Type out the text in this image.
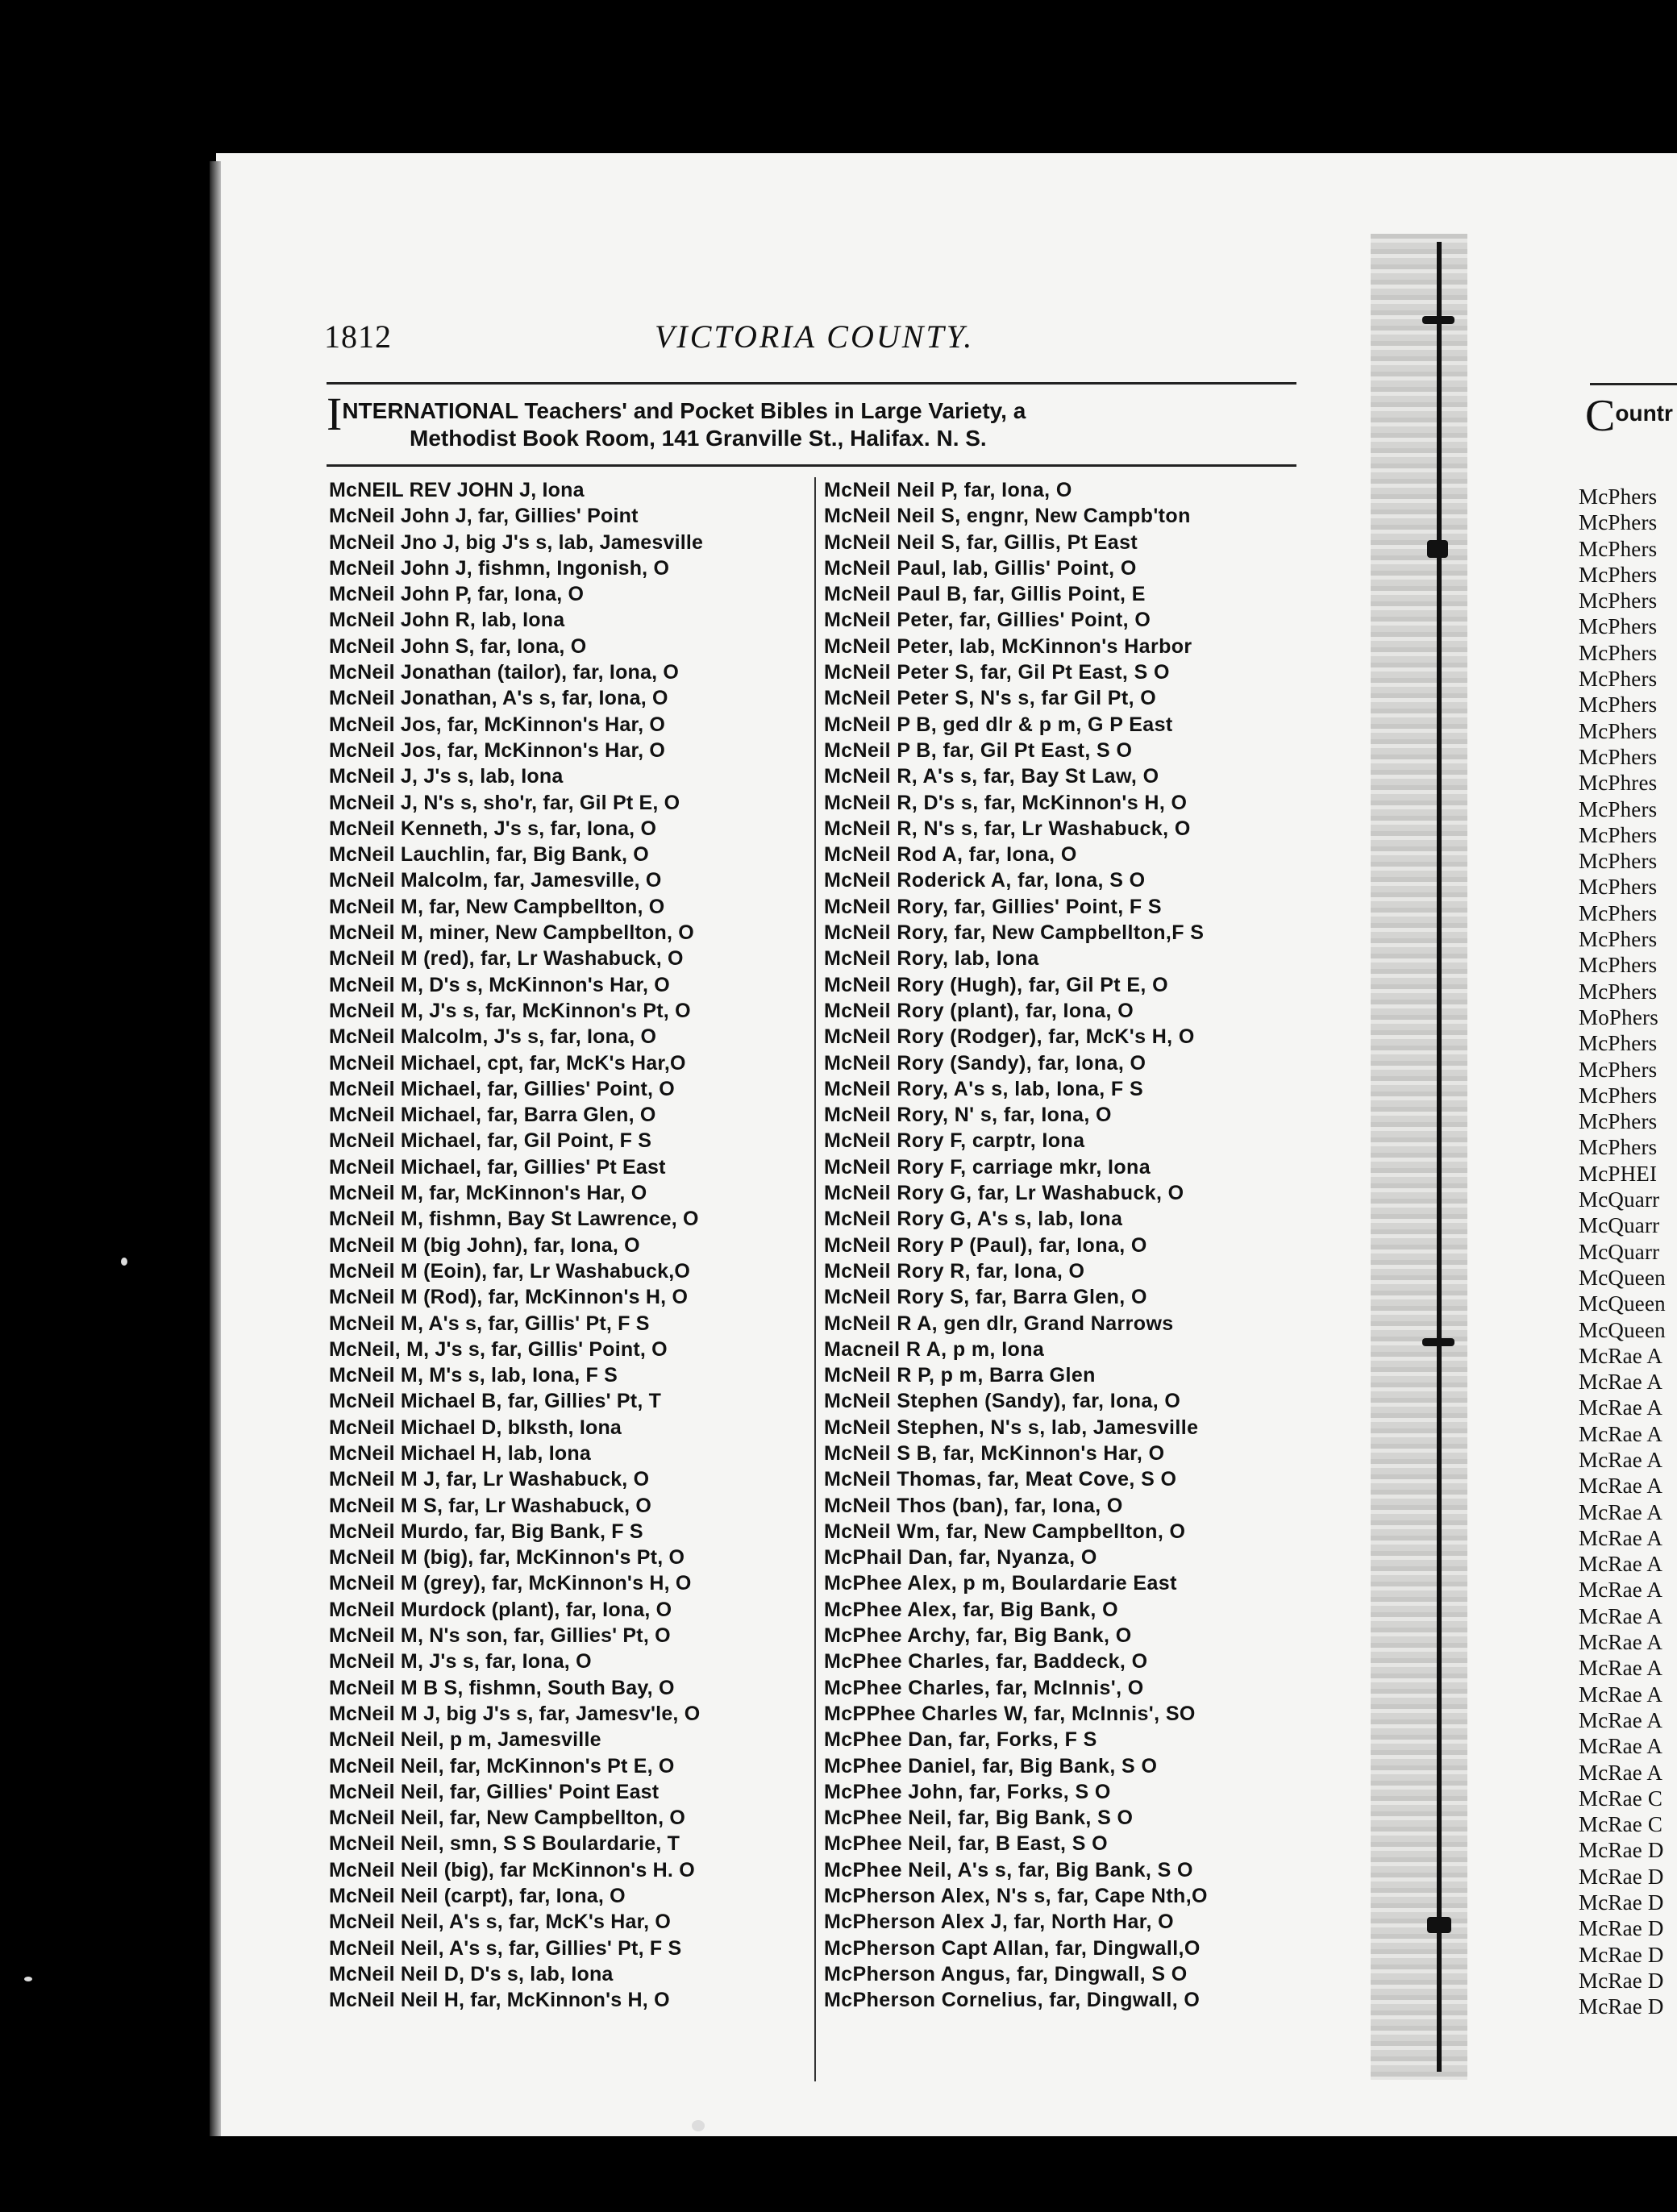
1812	VICTORIA COUNTY.
INTERNATIONAL Teachers' and Pocket Bibles in Large Variety, a
Methodist Book Room, 141 Granville St., Halifax. N. S.
McNEIL REV JOHN J, Iona
McNeil John J, far, Gillies' Point
McNeil Jno J, big J's s, lab, Jamesville
McNeil John J, fishmn, Ingonish, O
McNeil John P, far, Iona, O
McNeil John R, lab, Iona
McNeil John S, far, Iona, O
McNeil Jonathan (tailor), far, Iona, O
McNeil Jonathan, A's s, far, Iona, O
McNeil Jos, far, McKinnon's Har, O
McNeil Jos, far, McKinnon's Har, O
McNeil J, J's s, lab, Iona
McNeil J, N's s, sho'r, far, Gil Pt E, O
McNeil Kenneth, J's s, far, Iona, O
McNeil Lauchlin, far, Big Bank, O
McNeil Malcolm, far, Jamesville, O
McNeil M, far, New Campbellton, O
McNeil M, miner, New Campbellton, O
McNeil M (red), far, Lr Washabuck, O
McNeil M, D's s, McKinnon's Har, O
McNeil M, J's s, far, McKinnon's Pt, O
McNeil Malcolm, J's s, far, Iona, O
McNeil Michael, cpt, far, McK's Har,O
McNeil Michael, far, Gillies' Point, O
McNeil Michael, far, Barra Glen, O
McNeil Michael, far, Gil Point, F S
McNeil Michael, far, Gillies' Pt East
McNeil M, far, McKinnon's Har, O
McNeil M, fishmn, Bay St Lawrence, O
McNeil M (big John), far, Iona, O
McNeil M (Eoin), far, Lr Washabuck,O
McNeil M (Rod), far, McKinnon's H, O
McNeil M, A's s, far, Gillis' Pt, F S
McNeil, M, J's s, far, Gillis' Point, O
McNeil M, M's s, lab, Iona, F S
McNeil Michael B, far, Gillies' Pt, T
McNeil Michael D, blksth, Iona
McNeil Michael H, lab, Iona
McNeil M J, far, Lr Washabuck, O
McNeil M S, far, Lr Washabuck, O
McNeil Murdo, far, Big Bank, F S
McNeil M (big), far, McKinnon's Pt, O
McNeil M (grey), far, McKinnon's H, O
McNeil Murdock (plant), far, Iona, O
McNeil M, N's son, far, Gillies' Pt, O
McNeil M, J's s, far, Iona, O
McNeil M B S, fishmn, South Bay, O
McNeil M J, big J's s, far, Jamesv'le, O
McNeil Neil, p m, Jamesville
McNeil Neil, far, McKinnon's Pt E, O
McNeil Neil, far, Gillies' Point East
McNeil Neil, far, New Campbellton, O
McNeil Neil, smn, S S Boulardarie, T
McNeil Neil (big), far McKinnon's H. O
McNeil Neil (carpt), far, Iona, O
McNeil Neil, A's s, far, McK's Har, O
McNeil Neil, A's s, far, Gillies' Pt, F S
McNeil Neil D, D's s, lab, Iona
McNeil Neil H, far, McKinnon's H, O
McNeil Neil P, far, Iona, O
McNeil Neil S, engnr, New Campb'ton
McNeil Neil S, far, Gillis, Pt East
McNeil Paul, lab, Gillis' Point, O
McNeil Paul B, far, Gillis Point, E
McNeil Peter, far, Gillies' Point, O
McNeil Peter, lab, McKinnon's Harbor
McNeil Peter S, far, Gil Pt East, S O
McNeil Peter S, N's s, far Gil Pt, O
McNeil P B, ged dlr & p m, G P East
McNeil P B, far, Gil Pt East, S O
McNeil R, A's s, far, Bay St Law, O
McNeil R, D's s, far, McKinnon's H, O
McNeil R, N's s, far, Lr Washabuck, O
McNeil Rod A, far, Iona, O
McNeil Roderick A, far, Iona, S O
McNeil Rory, far, Gillies' Point, F S
McNeil Rory, far, New Campbellton,F S
McNeil Rory, lab, Iona
McNeil Rory (Hugh), far, Gil Pt E, O
McNeil Rory (plant), far, Iona, O
McNeil Rory (Rodger), far, McK's H, O
McNeil Rory (Sandy), far, Iona, O
McNeil Rory, A's s, lab, Iona, F S
McNeil Rory, N' s, far, Iona, O
McNeil Rory F, carptr, Iona
McNeil Rory F, carriage mkr, Iona
McNeil Rory G, far, Lr Washabuck, O
McNeil Rory G, A's s, lab, Iona
McNeil Rory P (Paul), far, Iona, O
McNeil Rory R, far, Iona, O
McNeil Rory S, far, Barra Glen, O
McNeil R A, gen dlr, Grand Narrows
Macneil R A, p m, Iona
McNeil R P, p m, Barra Glen
McNeil Stephen (Sandy), far, Iona, O
McNeil Stephen, N's s, lab, Jamesville
McNeil S B, far, McKinnon's Har, O
McNeil Thomas, far, Meat Cove, S O
McNeil Thos (ban), far, Iona, O
McNeil Wm, far, New Campbellton, O
McPhail Dan, far, Nyanza, O
McPhee Alex, p m, Boulardarie East
McPhee Alex, far, Big Bank, O
McPhee Archy, far, Big Bank, O
McPhee Charles, far, Baddeck, O
McPhee Charles, far, McInnis', O
McPPhee Charles W, far, McInnis', SO
McPhee Dan, far, Forks, F S
McPhee Daniel, far, Big Bank, S O
McPhee John, far, Forks, S O
McPhee Neil, far, Big Bank, S O
McPhee Neil, far, B East, S O
McPhee Neil, A's s, far, Big Bank, S O
McPherson Alex, N's s, far, Cape Nth,O
McPherson Alex J, far, North Har, O
McPherson Capt Allan, far, Dingwall,O
McPherson Angus, far, Dingwall, S O
McPherson Cornelius, far, Dingwall, O
Countr
McPhers
McPhers
McPhers
McPhers
McPhers
McPhers
McPhers
McPhers
McPhers
McPhers
McPhers
McPhres
McPhers
McPhers
McPhers
McPhers
McPhers
McPhers
McPhers
McPhers
MoPhers
McPhers
McPhers
McPhers
McPhers
McPhers
McPHEI
McQuarr
McQuarr
McQuarr
McQueen
McQueen
McQueen
McRae A
McRae A
McRae A
McRae A
McRae A
McRae A
McRae A
McRae A
McRae A
McRae A
McRae A
McRae A
McRae A
McRae A
McRae A
McRae A
McRae A
McRae C
McRae C
McRae D
McRae D
McRae D
McRae D
McRae D
McRae D
McRae D
